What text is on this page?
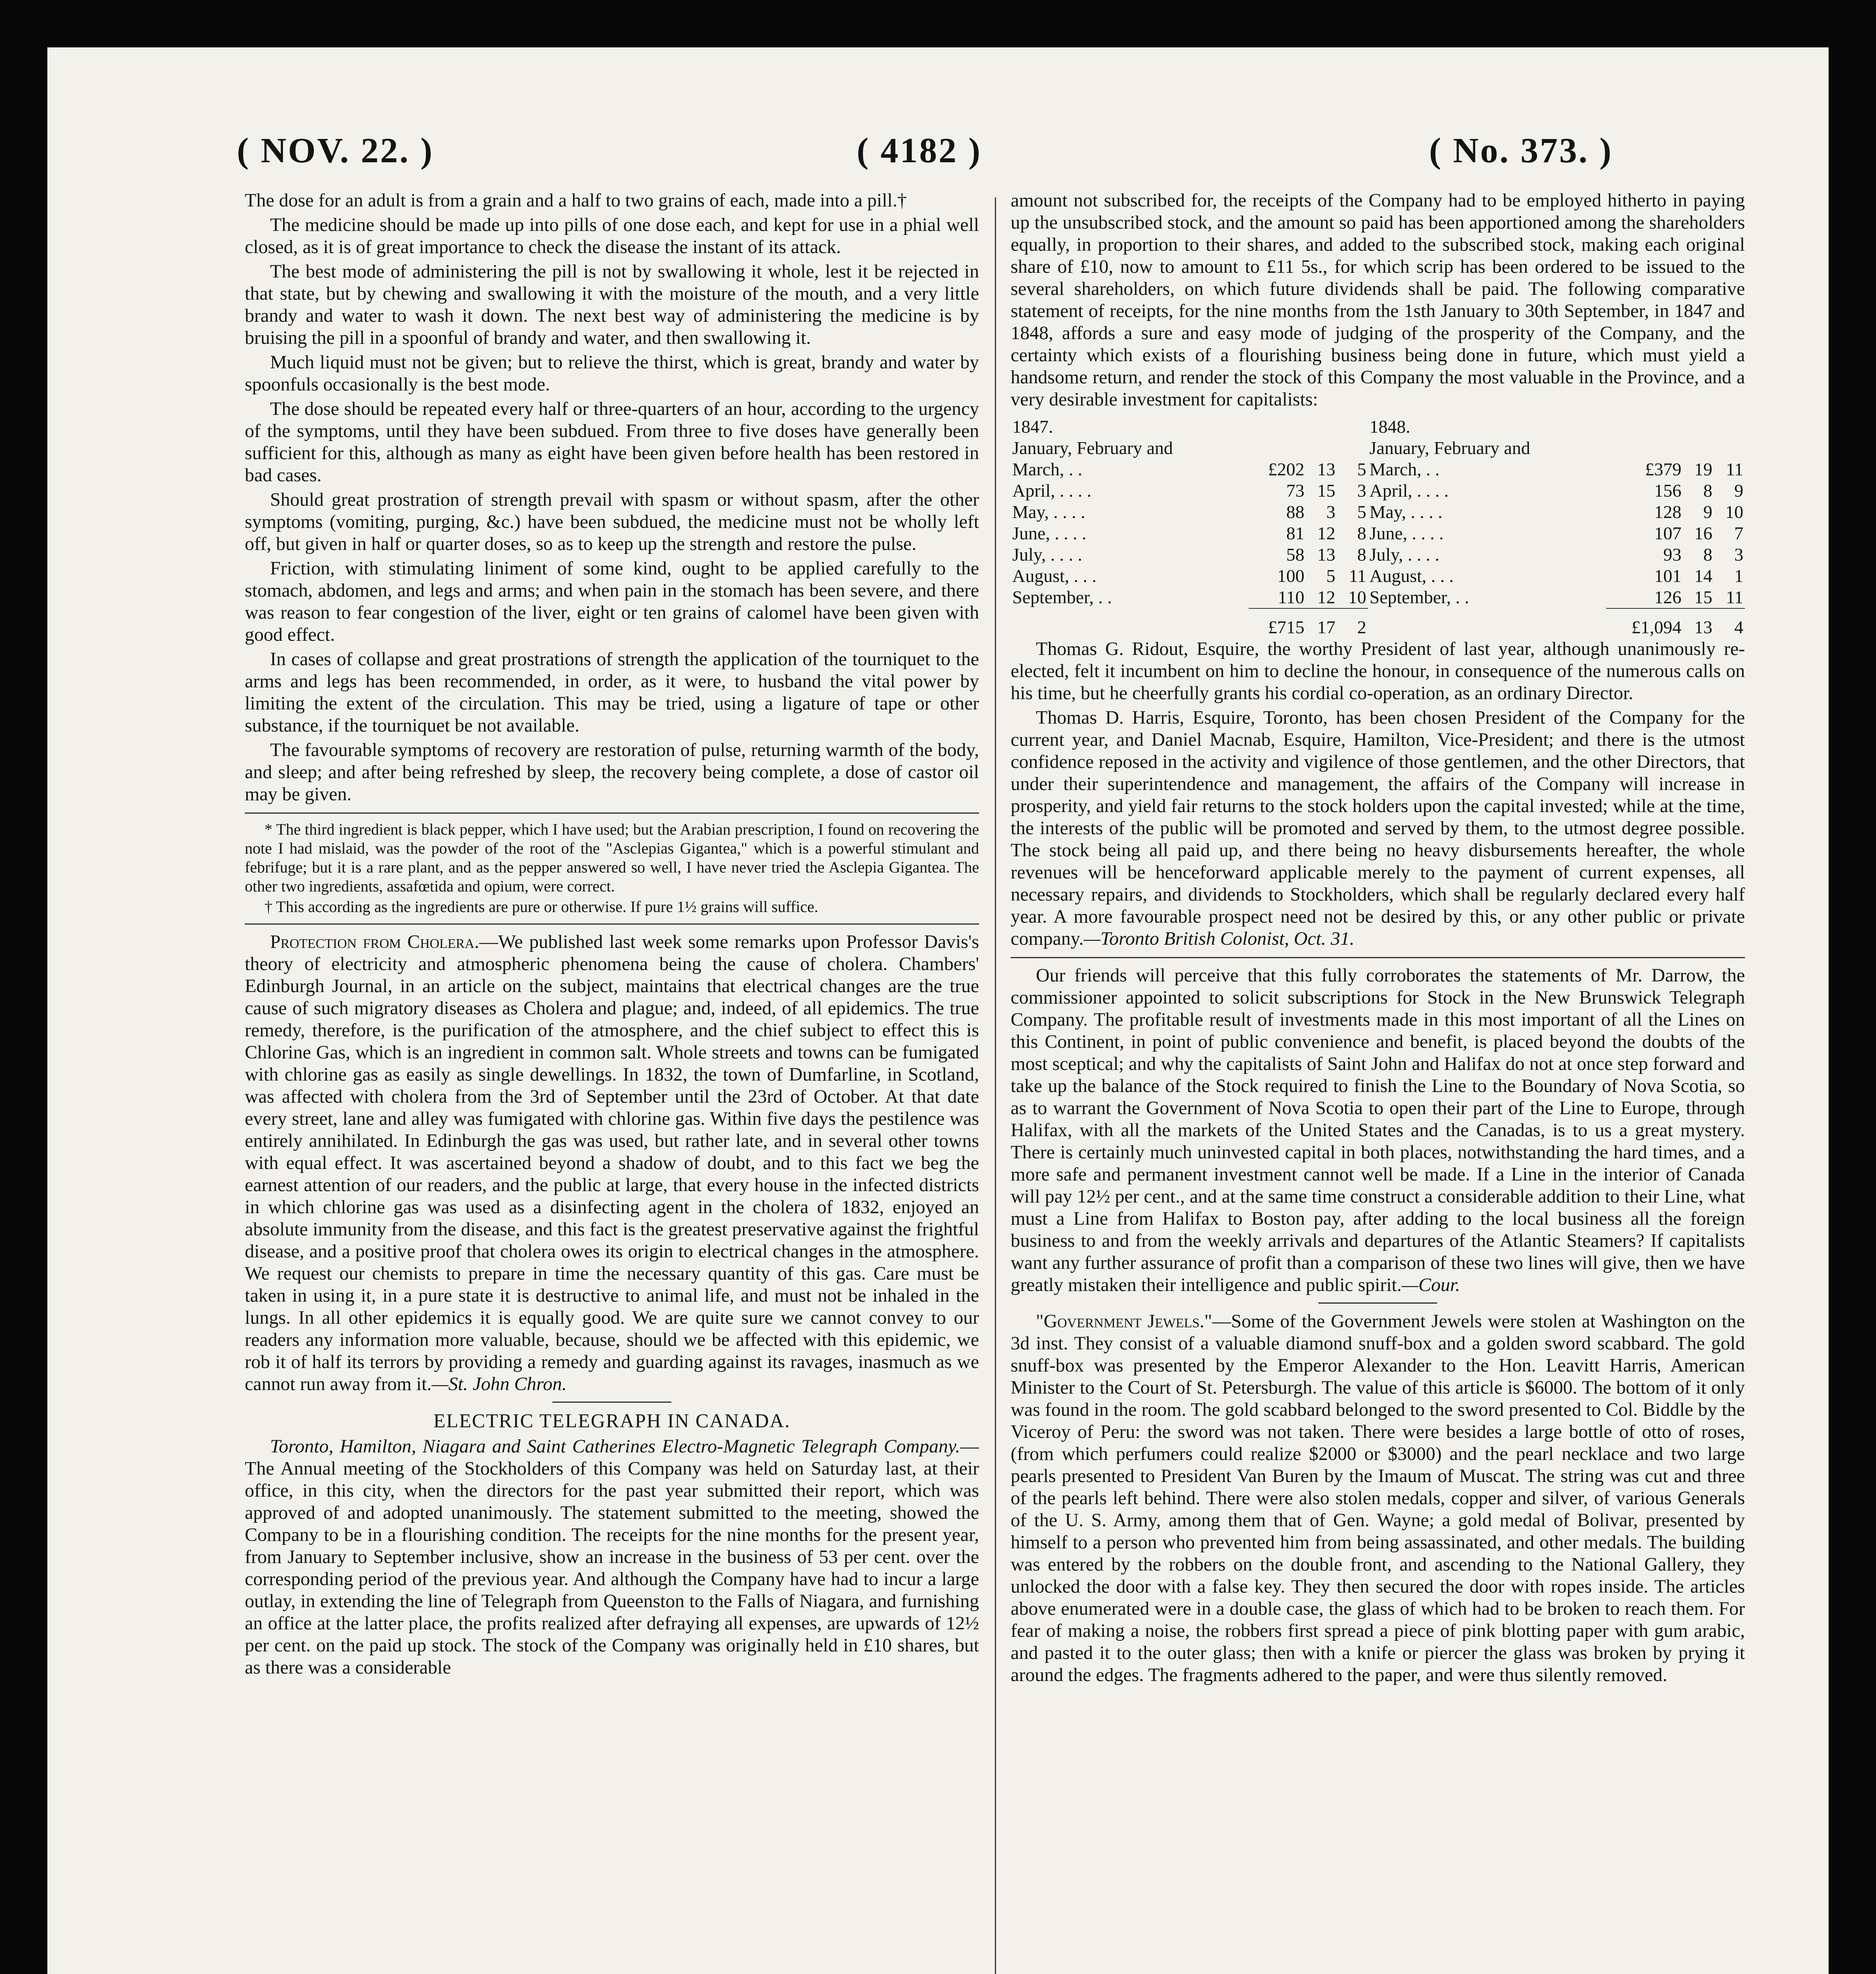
( NOV. 22. )	( 4182 )	( No. 373. )

The dose for an adult is from a grain and a half to two grains of each, made into a pill.†

The medicine should be made up into pills of one dose each, and kept for use in a phial well closed, as it is of great importance to check the disease the instant of its attack.

The best mode of administering the pill is not by swallowing it whole, lest it be rejected in that state, but by chewing and swallowing it with the moisture of the mouth, and a very little brandy and water to wash it down. The next best way of administering the medicine is by bruising the pill in a spoonful of brandy and water, and then swallowing it.

Much liquid must not be given; but to relieve the thirst, which is great, brandy and water by spoonfuls occasionally is the best mode.

The dose should be repeated every half or three-quarters of an hour, according to the urgency of the symptoms, until they have been subdued. From three to five doses have generally been sufficient for this, although as many as eight have been given before health has been restored in bad cases.

Should great prostration of strength prevail with spasm or without spasm, after the other symptoms (vomiting, purging, &c.) have been subdued, the medicine must not be wholly left off, but given in half or quarter doses, so as to keep up the strength and restore the pulse.

Friction, with stimulating liniment of some kind, ought to be applied carefully to the stomach, abdomen, and legs and arms; and when pain in the stomach has been severe, and there was reason to fear congestion of the liver, eight or ten grains of calomel have been given with good effect.

In cases of collapse and great prostrations of strength the application of the tourniquet to the arms and legs has been recommended, in order, as it were, to husband the vital power by limiting the extent of the circulation. This may be tried, using a ligature of tape or other substance, if the tourniquet be not available.

The favourable symptoms of recovery are restoration of pulse, returning warmth of the body, and sleep; and after being refreshed by sleep, the recovery being complete, a dose of castor oil may be given.

* The third ingredient is black pepper, which I have used; but the Arabian prescription, I found on recovering the note I had mislaid, was the powder of the root of the "Asclepias Gigantea," which is a powerful stimulant and febrifuge; but it is a rare plant, and as the pepper answered so well, I have never tried the Asclepia Gigantea. The other two ingredients, assafœtida and opium, were correct.

† This according as the ingredients are pure or otherwise. If pure 1½ grains will suffice.

Protection from Cholera.—We published last week some remarks upon Professor Davis's theory of electricity and atmospheric phenomena being the cause of cholera. Chambers' Edinburgh Journal, in an article on the subject, maintains that electrical changes are the true cause of such migratory diseases as Cholera and plague; and, indeed, of all epidemics. The true remedy, therefore, is the purification of the atmosphere, and the chief subject to effect this is Chlorine Gas, which is an ingredient in common salt. Whole streets and towns can be fumigated with chlorine gas as easily as single dewellings. In 1832, the town of Dumfarline, in Scotland, was affected with cholera from the 3rd of September until the 23rd of October. At that date every street, lane and alley was fumigated with chlorine gas. Within five days the pestilence was entirely annihilated. In Edinburgh the gas was used, but rather late, and in several other towns with equal effect. It was ascertained beyond a shadow of doubt, and to this fact we beg the earnest attention of our readers, and the public at large, that every house in the infected districts in which chlorine gas was used as a disinfecting agent in the cholera of 1832, enjoyed an absolute immunity from the disease, and this fact is the greatest preservative against the frightful disease, and a positive proof that cholera owes its origin to electrical changes in the atmosphere. We request our chemists to prepare in time the necessary quantity of this gas. Care must be taken in using it, in a pure state it is destructive to animal life, and must not be inhaled in the lungs. In all other epidemics it is equally good. We are quite sure we cannot convey to our readers any information more valuable, because, should we be affected with this epidemic, we rob it of half its terrors by providing a remedy and guarding against its ravages, inasmuch as we cannot run away from it.—St. John Chron.

ELECTRIC TELEGRAPH IN CANADA.

Toronto, Hamilton, Niagara and Saint Catherines Electro-Magnetic Telegraph Company.—The Annual meeting of the Stockholders of this Company was held on Saturday last, at their office, in this city, when the directors for the past year submitted their report, which was approved of and adopted unanimously. The statement submitted to the meeting, showed the Company to be in a flourishing condition. The receipts for the nine months for the present year, from January to September inclusive, show an increase in the business of 53 per cent. over the corresponding period of the previous year. And although the Company have had to incur a large outlay, in extending the line of Telegraph from Queenston to the Falls of Niagara, and furnishing an office at the latter place, the profits realized after defraying all expenses, are upwards of 12½ per cent. on the paid up stock. The stock of the Company was originally held in £10 shares, but as there was a considerable

amount not subscribed for, the receipts of the Company had to be employed hitherto in paying up the unsubscribed stock, and the amount so paid has been apportioned among the shareholders equally, in proportion to their shares, and added to the subscribed stock, making each original share of £10, now to amount to £11 5s., for which scrip has been ordered to be issued to the several shareholders, on which future dividends shall be paid. The following comparative statement of receipts, for the nine months from the 1sth January to 30th September, in 1847 and 1848, affords a sure and easy mode of judging of the prosperity of the Company, and the certainty which exists of a flourishing business being done in future, which must yield a handsome return, and render the stock of this Company the most valuable in the Province, and a very desirable investment for capitalists:

1847.				1848.			
January, February and				January, February and			
March, . .	£202	13	5	March, . .	£379	19	11
April, . . . .	73	15	3	April, . . . .	156	8	9
May, . . . .	88	3	5	May, . . . .	128	9	10
June, . . . .	81	12	8	June, . . . .	107	16	7
July, . . . .	58	13	8	July, . . . .	93	8	3
August, . . .	100	5	11	August, . . .	101	14	1
September, . .	110	12	10	September, . .	126	15	11
	£715	17	2		£1,094	13	4

Thomas G. Ridout, Esquire, the worthy President of last year, although unanimously re-elected, felt it incumbent on him to decline the honour, in consequence of the numerous calls on his time, but he cheerfully grants his cordial co-operation, as an ordinary Director.

Thomas D. Harris, Esquire, Toronto, has been chosen President of the Company for the current year, and Daniel Macnab, Esquire, Hamilton, Vice-President; and there is the utmost confidence reposed in the activity and vigilence of those gentlemen, and the other Directors, that under their superintendence and management, the affairs of the Company will increase in prosperity, and yield fair returns to the stock holders upon the capital invested; while at the time, the interests of the public will be promoted and served by them, to the utmost degree possible. The stock being all paid up, and there being no heavy disbursements hereafter, the whole revenues will be henceforward applicable merely to the payment of current expenses, all necessary repairs, and dividends to Stockholders, which shall be regularly declared every half year. A more favourable prospect need not be desired by this, or any other public or private company.—Toronto British Colonist, Oct. 31.

Our friends will perceive that this fully corroborates the statements of Mr. Darrow, the commissioner appointed to solicit subscriptions for Stock in the New Brunswick Telegraph Company. The profitable result of investments made in this most important of all the Lines on this Continent, in point of public convenience and benefit, is placed beyond the doubts of the most sceptical; and why the capitalists of Saint John and Halifax do not at once step forward and take up the balance of the Stock required to finish the Line to the Boundary of Nova Scotia, so as to warrant the Government of Nova Scotia to open their part of the Line to Europe, through Halifax, with all the markets of the United States and the Canadas, is to us a great mystery. There is certainly much uninvested capital in both places, notwithstanding the hard times, and a more safe and permanent investment cannot well be made. If a Line in the interior of Canada will pay 12½ per cent., and at the same time construct a considerable addition to their Line, what must a Line from Halifax to Boston pay, after adding to the local business all the foreign business to and from the weekly arrivals and departures of the Atlantic Steamers? If capitalists want any further assurance of profit than a comparison of these two lines will give, then we have greatly mistaken their intelligence and public spirit.—Cour.

"Government Jewels."—Some of the Government Jewels were stolen at Washington on the 3d inst. They consist of a valuable diamond snuff-box and a golden sword scabbard. The gold snuff-box was presented by the Emperor Alexander to the Hon. Leavitt Harris, American Minister to the Court of St. Petersburgh. The value of this article is $6000. The bottom of it only was found in the room. The gold scabbard belonged to the sword presented to Col. Biddle by the Viceroy of Peru: the sword was not taken. There were besides a large bottle of otto of roses, (from which perfumers could realize $2000 or $3000) and the pearl necklace and two large pearls presented to President Van Buren by the Imaum of Muscat. The string was cut and three of the pearls left behind. There were also stolen medals, copper and silver, of various Generals of the U. S. Army, among them that of Gen. Wayne; a gold medal of Bolivar, presented by himself to a person who prevented him from being assassinated, and other medals. The building was entered by the robbers on the double front, and ascending to the National Gallery, they unlocked the door with a false key. They then secured the door with ropes inside. The articles above enumerated were in a double case, the glass of which had to be broken to reach them. For fear of making a noise, the robbers first spread a piece of pink blotting paper with gum arabic, and pasted it to the outer glass; then with a knife or piercer the glass was broken by prying it around the edges. The fragments adhered to the paper, and were thus silently removed.
